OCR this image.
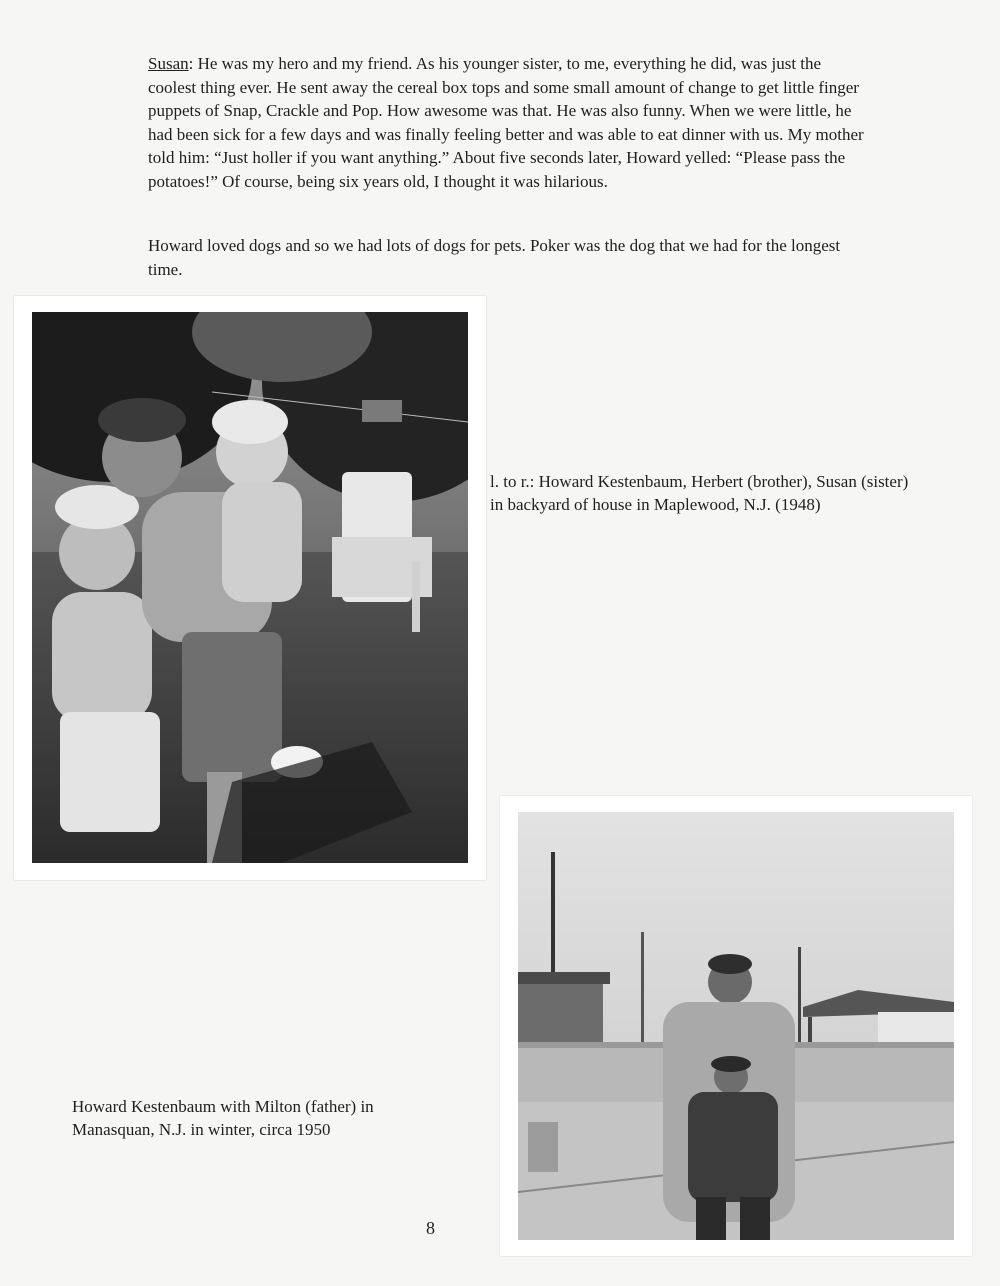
Susan: He was my hero and my friend. As his younger sister, to me, everything he did, was just the coolest thing ever. He sent away the cereal box tops and some small amount of change to get little finger puppets of Snap, Crackle and Pop. How awesome was that. He was also funny. When we were little, he had been sick for a few days and was finally feeling better and was able to eat dinner with us. My mother told him: “Just holler if you want anything.” About five seconds later, Howard yelled: “Please pass the potatoes!” Of course, being six years old, I thought it was hilarious.

Howard loved dogs and so we had lots of dogs for pets. Poker was the dog that we had for the longest time.

l. to r.: Howard Kestenbaum, Herbert (brother), Susan (sister)
in backyard of house in Maplewood, N.J. (1948)

Howard Kestenbaum with Milton (father) in
Manasquan, N.J. in winter, circa 1950

8
